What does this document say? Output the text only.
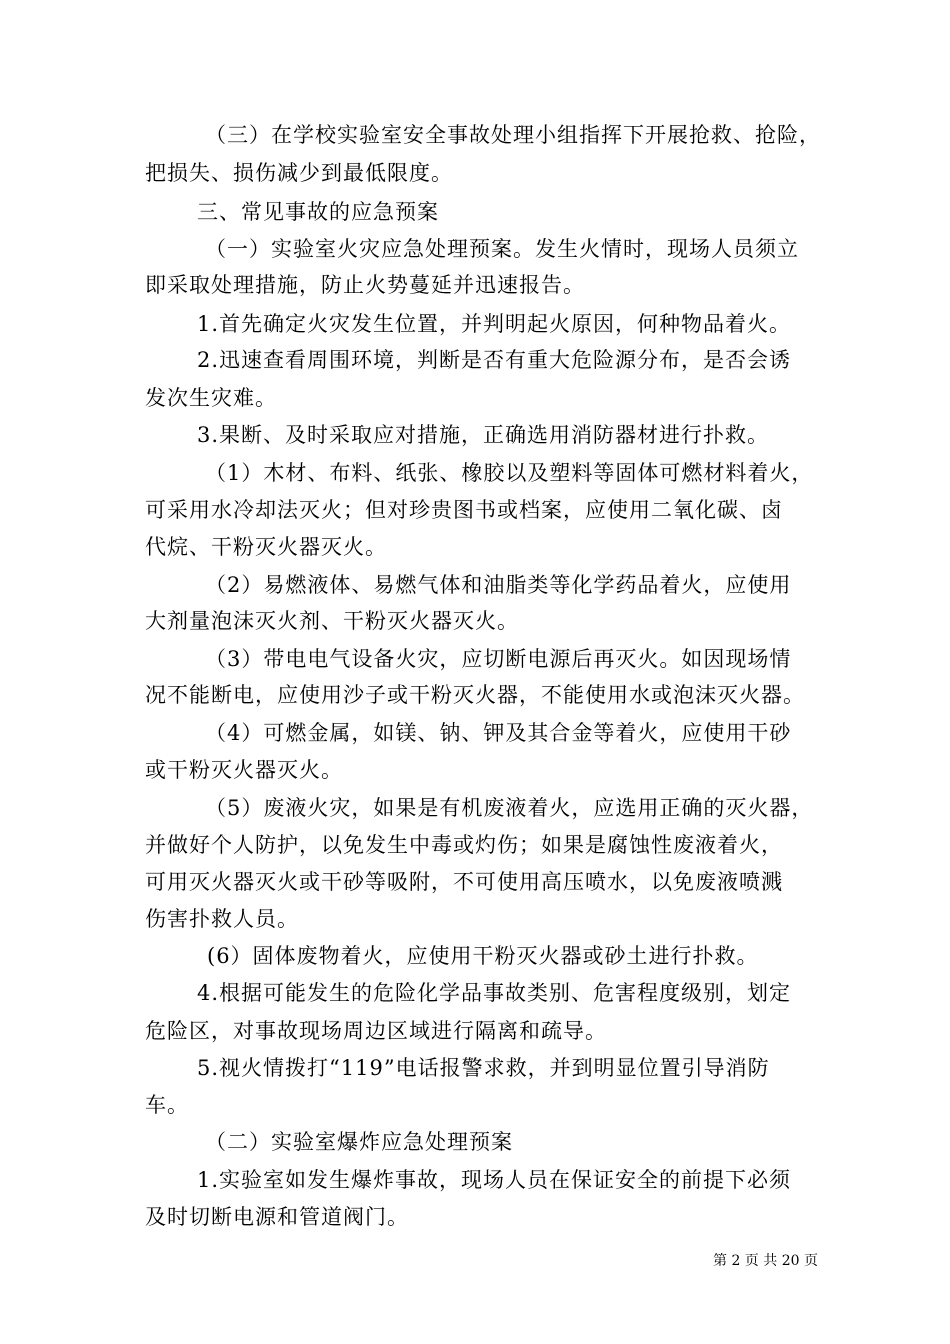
（三）在学校实验室安全事故处理小组指挥下开展抢救、抢险，
把损失、损伤减少到最低限度。
三、常见事故的应急预案
（一）实验室火灾应急处理预案。发生火情时，现场人员须立
即采取处理措施，防止火势蔓延并迅速报告。
1.首先确定火灾发生位置，并判明起火原因，何种物品着火。
2.迅速查看周围环境，判断是否有重大危险源分布，是否会诱
发次生灾难。
3.果断、及时采取应对措施，正确选用消防器材进行扑救。
（1）木材、布料、纸张、橡胶以及塑料等固体可燃材料着火，
可采用水冷却法灭火；但对珍贵图书或档案，应使用二氧化碳、卤
代烷、干粉灭火器灭火。
（2）易燃液体、易燃气体和油脂类等化学药品着火，应使用
大剂量泡沫灭火剂、干粉灭火器灭火。
（3）带电电气设备火灾，应切断电源后再灭火。如因现场情
况不能断电，应使用沙子或干粉灭火器，不能使用水或泡沫灭火器。
（4）可燃金属，如镁、钠、钾及其合金等着火，应使用干砂
或干粉灭火器灭火。
（5）废液火灾，如果是有机废液着火，应选用正确的灭火器，
并做好个人防护，以免发生中毒或灼伤；如果是腐蚀性废液着火，
可用灭火器灭火或干砂等吸附，不可使用高压喷水，以免废液喷溅
伤害扑救人员。
(6）固体废物着火，应使用干粉灭火器或砂土进行扑救。
4.根据可能发生的危险化学品事故类别、危害程度级别，划定
危险区，对事故现场周边区域进行隔离和疏导。
5.视火情拨打“119”电话报警求救，并到明显位置引导消防
车。
（二）实验室爆炸应急处理预案
1.实验室如发生爆炸事故，现场人员在保证安全的前提下必须
及时切断电源和管道阀门。
第 2 页 共 20 页
